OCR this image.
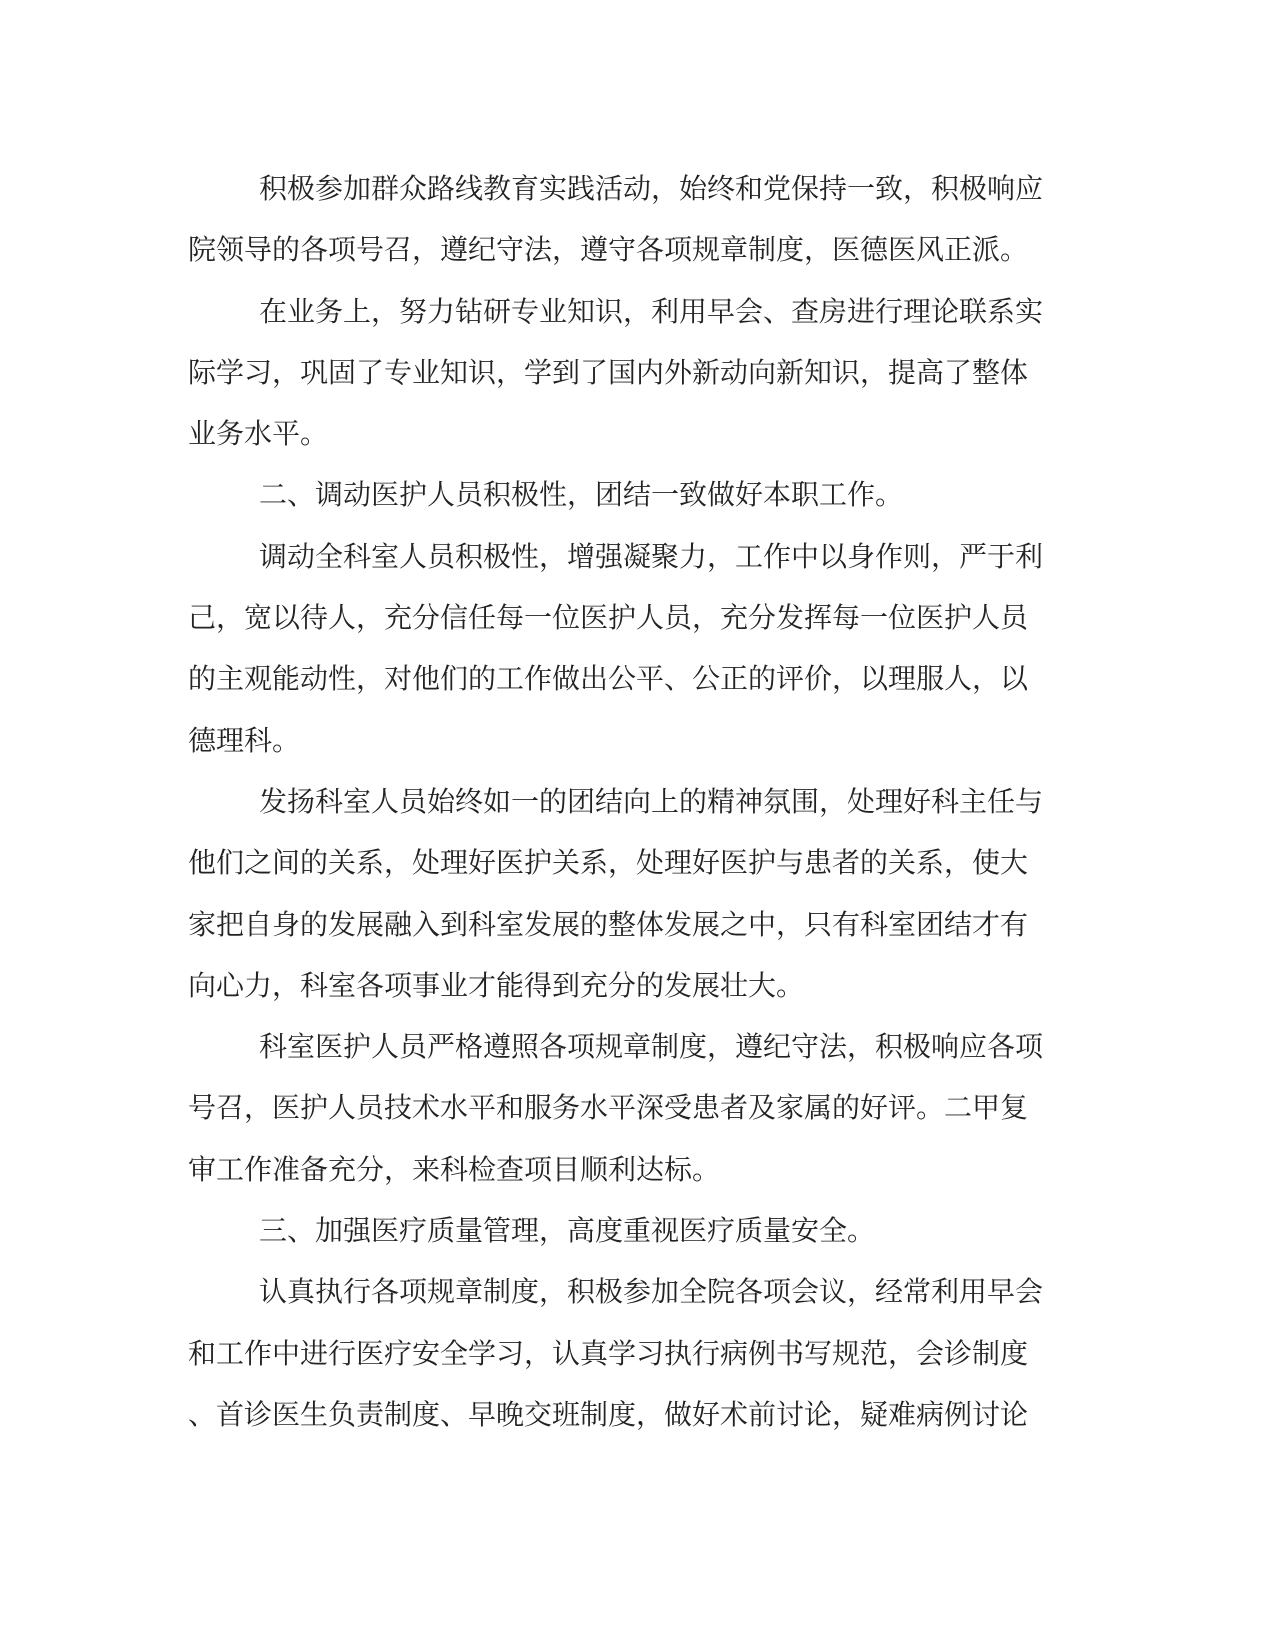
积极参加群众路线教育实践活动，始终和党保持一致，积极响应
院领导的各项号召，遵纪守法，遵守各项规章制度，医德医风正派。
在业务上，努力钻研专业知识，利用早会、查房进行理论联系实
际学习，巩固了专业知识，学到了国内外新动向新知识，提高了整体
业务水平。
二、调动医护人员积极性，团结一致做好本职工作。
调动全科室人员积极性，增强凝聚力，工作中以身作则，严于利
己，宽以待人，充分信任每一位医护人员，充分发挥每一位医护人员
的主观能动性，对他们的工作做出公平、公正的评价，以理服人，以
德理科。
发扬科室人员始终如一的团结向上的精神氛围，处理好科主任与
他们之间的关系，处理好医护关系，处理好医护与患者的关系，使大
家把自身的发展融入到科室发展的整体发展之中，只有科室团结才有
向心力，科室各项事业才能得到充分的发展壮大。
科室医护人员严格遵照各项规章制度，遵纪守法，积极响应各项
号召，医护人员技术水平和服务水平深受患者及家属的好评。二甲复
审工作准备充分，来科检查项目顺利达标。
三、加强医疗质量管理，高度重视医疗质量安全。
认真执行各项规章制度，积极参加全院各项会议，经常利用早会
和工作中进行医疗安全学习，认真学习执行病例书写规范，会诊制度
、首诊医生负责制度、早晚交班制度，做好术前讨论，疑难病例讨论
